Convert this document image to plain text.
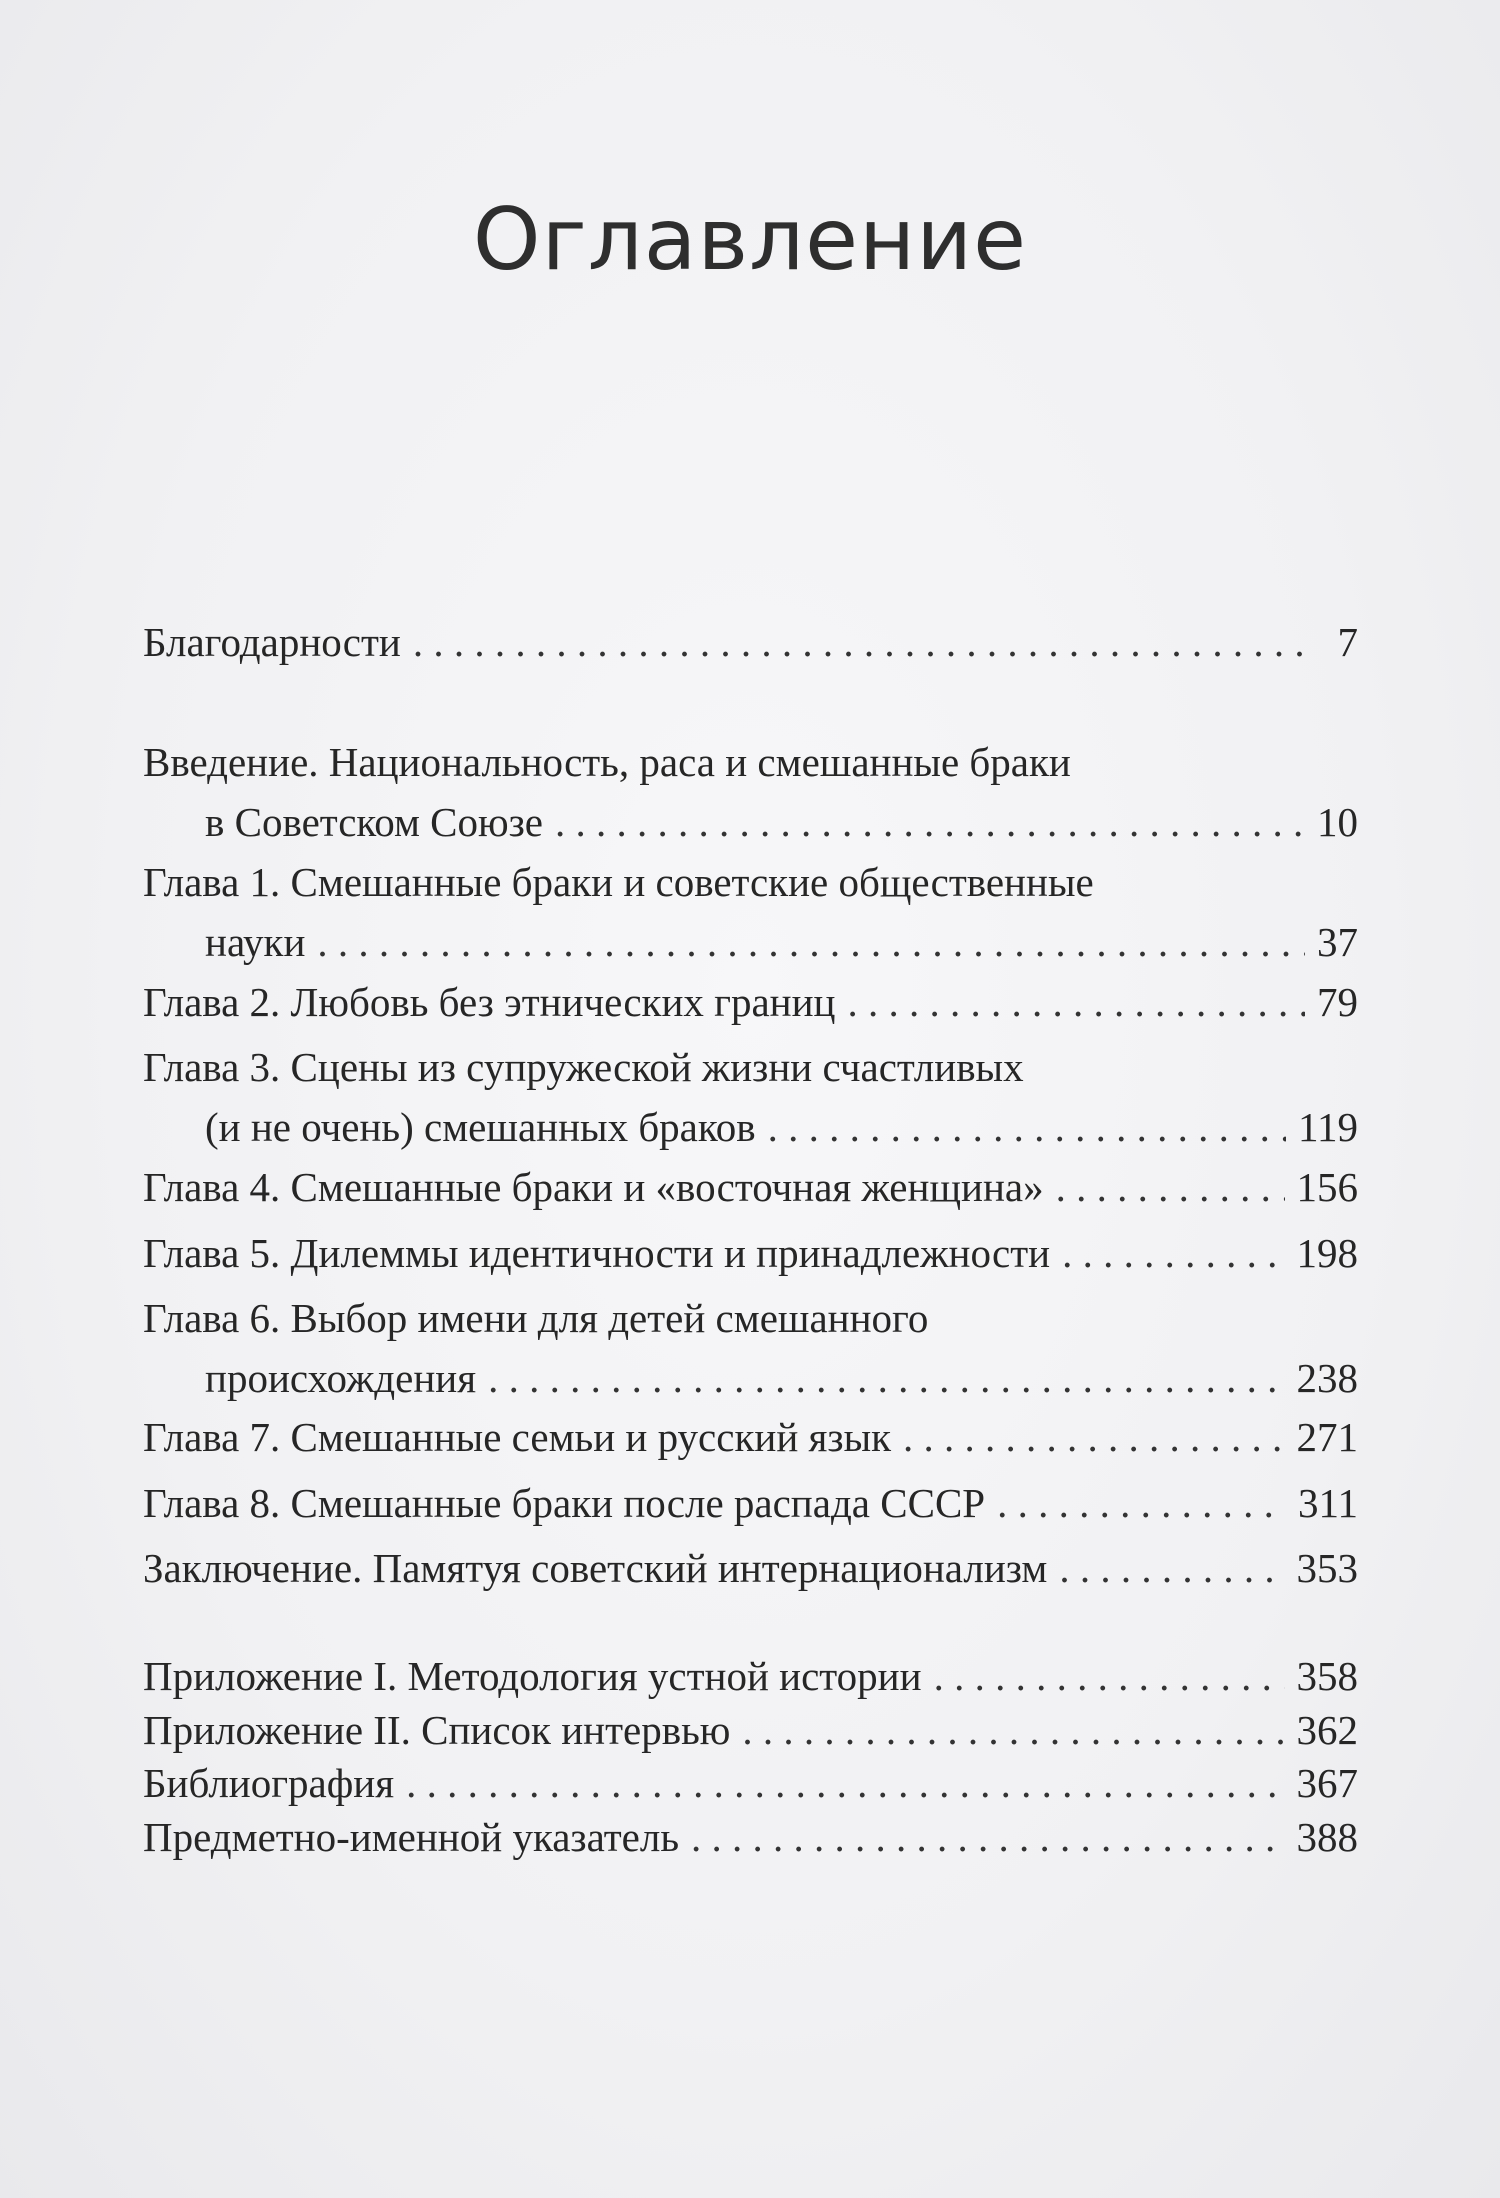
Оглавление
Благодарности . . .	7
Введение. Национальность, раса и смешанные браки
в Советском Союзе . . .	10
Глава 1. Смешанные браки и советские общественные
науки . . .	37
Глава 2. Любовь без этнических границ . . .	79
Глава 3. Сцены из супружеской жизни счастливых
(и не очень) смешанных браков . . .	119
Глава 4. Смешанные браки и «восточная женщина» . . .	156
Глава 5. Дилеммы идентичности и принадлежности . . .	198
Глава 6. Выбор имени для детей смешанного
происхождения . . .	238
Глава 7. Смешанные семьи и русский язык . . .	271
Глава 8. Смешанные браки после распада СССР . . .	311
Заключение. Памятуя советский интернационализм . . .	353
Приложение I. Методология устной истории . . .	358
Приложение II. Список интервью . . .	362
Библиография . . .	367
Предметно-именной указатель . . .	388
